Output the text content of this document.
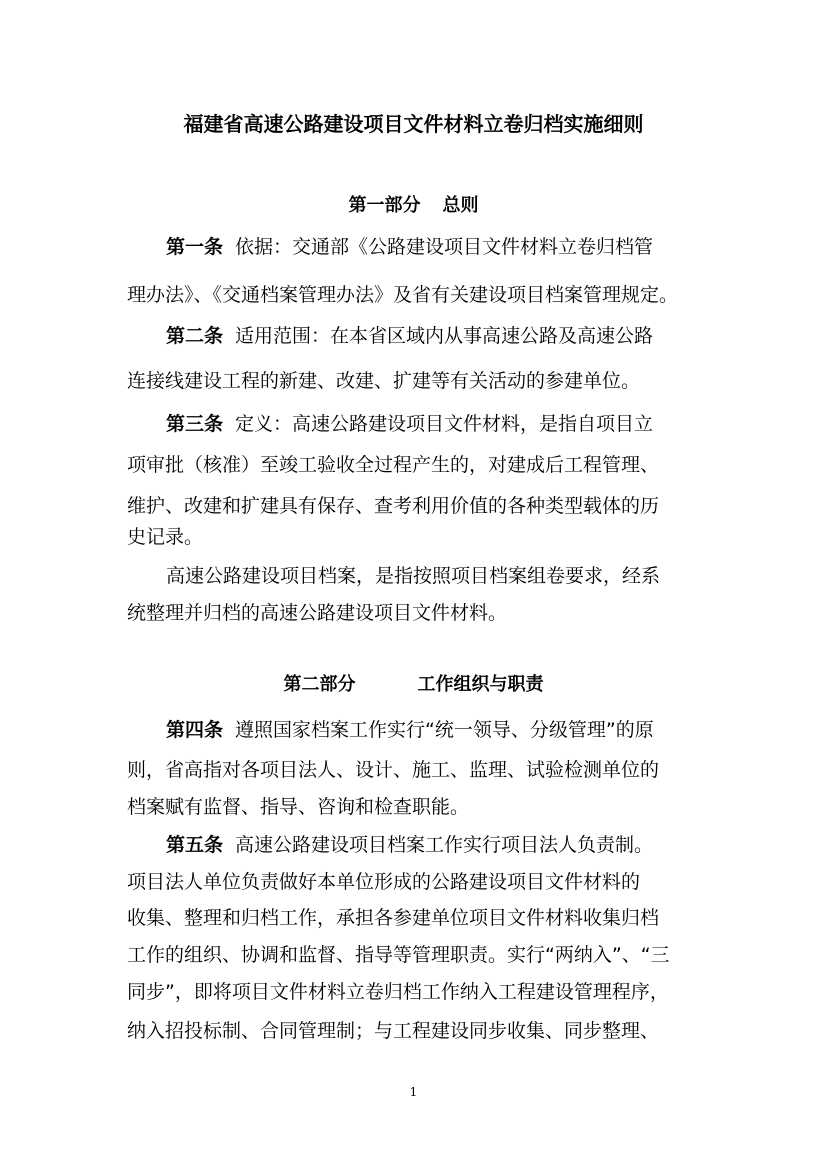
福建省高速公路建设项目文件材料立卷归档实施细则
第一部分 总则
第一条 依据：交通部《公路建设项目文件材料立卷归档管
理办法》、《交通档案管理办法》及省有关建设项目档案管理规定。
第二条 适用范围：在本省区域内从事高速公路及高速公路
连接线建设工程的新建、改建、扩建等有关活动的参建单位。
第三条 定义：高速公路建设项目文件材料，是指自项目立
项审批（核准）至竣工验收全过程产生的，对建成后工程管理、
维护、改建和扩建具有保存、查考利用价值的各种类型载体的历
史记录。
高速公路建设项目档案，是指按照项目档案组卷要求，经系
统整理并归档的高速公路建设项目文件材料。
第二部分	工作组织与职责
第四条 遵照国家档案工作实行“统一领导、分级管理”的原
则，省高指对各项目法人、设计、施工、监理、试验检测单位的
档案赋有监督、指导、咨询和检查职能。
第五条 高速公路建设项目档案工作实行项目法人负责制。
项目法人单位负责做好本单位形成的公路建设项目文件材料的
收集、整理和归档工作，承担各参建单位项目文件材料收集归档
工作的组织、协调和监督、指导等管理职责。实行“两纳入”、“三
同步”，即将项目文件材料立卷归档工作纳入工程建设管理程序，
纳入招投标制、合同管理制；与工程建设同步收集、同步整理、
1
